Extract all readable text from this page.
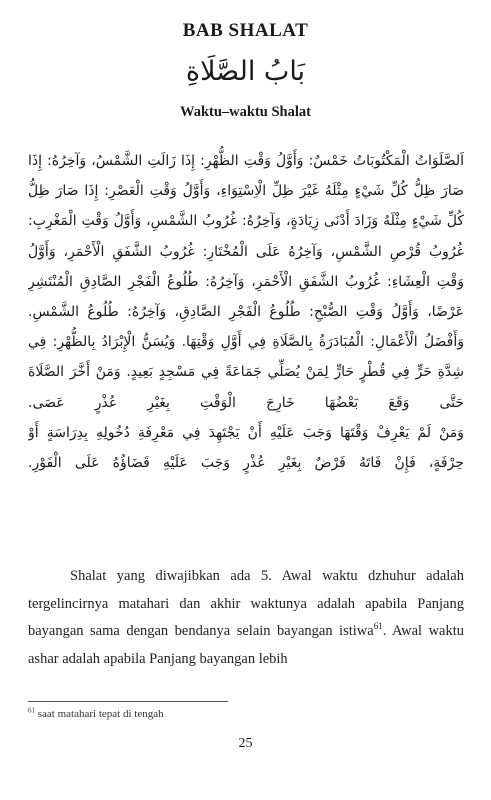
BAB SHALAT
بَابُ الصَّلَاةِ
Waktu–waktu Shalat
اَلصَّلَوَاتُ الْمَكْتُوبَاتُ خَمْسٌ: وَأَوَّلُ وَقْتِ الظُّهْرِ: إِذَا زَالَتِ الشَّمْسُ، وَآخِرُهُ: إِذَا
صَارَ ظِلُّ كُلِّ شَيْءٍ مِثْلَهُ غَيْرَ ظِلِّ الْاِسْتِوَاءِ، وَأَوَّلُ وَقْتِ الْعَصْرِ: إِذَا صَارَ ظِلُّ
كُلِّ شَيْءٍ مِثْلَهُ وَزَادَ أَدْنَى زِيَادَةٍ، وَآخِرُهُ: غُرُوبُ الشَّمْسِ، وَأَوَّلُ وَقْتِ الْمَغْرِبِ:
غُرُوبُ قُرْصِ الشَّمْسِ، وَآخِرُهُ عَلَى الْمُخْتَارِ: غُرُوبُ الشَّفَقِ الْأَحْمَرِ، وَأَوَّلُ
وَقْتِ الْعِشَاءِ: غُرُوبُ الشَّفَقِ الْأَحْمَرِ، وَآخِرُهُ: طُلُوعُ الْفَجْرِ الصَّادِقِ الْمُنْتَشِرِ
عَرْضًا، وَأَوَّلُ وَقْتِ الصُّبْحِ: طُلُوعُ الْفَجْرِ الصَّادِقِ، وَآخِرُهُ: طُلُوعُ الشَّمْسِ.
وَأَفْضَلُ الْأَعْمَالِ: الْمُبَادَرَةُ بِالصَّلَاةِ فِي أَوَّلِ وَقْتِهَا. وَيُسَنُّ الْإِبْرَادُ بِالظُّهْرِ: فِي
شِدَّةِ حَرٍّ فِي قُطْرٍ حَارٍّ لِمَنْ يُصَلِّي جَمَاعَةً فِي مَسْجِدٍ بَعِيدٍ. وَمَنْ أَخَّرَ الصَّلَاةَ
حَتَّى وَقَعَ بَعْضُهَا خَارِجَ الْوَقْتِ بِغَيْرِ عُذْرٍ عَصَى.
وَمَنْ لَمْ يَعْرِفْ وَقْتَهَا وَجَبَ عَلَيْهِ أَنْ يَجْتَهِدَ فِي مَعْرِفَةِ دُخُولِهِ بِدِرَاسَةٍ أَوْ
حِرْفَةٍ، فَإِنْ فَاتَهُ فَرْضٌ بِغَيْرِ عُذْرٍ وَجَبَ عَلَيْهِ قَضَاؤُهُ عَلَى الْفَوْرِ.
Shalat yang diwajibkan ada 5. Awal waktu dzhuhur adalah tergelincirnya matahari dan akhir waktunya adalah apabila Panjang bayangan sama dengan bendanya selain bayangan istiwa$^{61}$. Awal waktu ashar adalah apabila Panjang bayangan lebih
$^{61}$ saat matahari tepat di tengah
25
